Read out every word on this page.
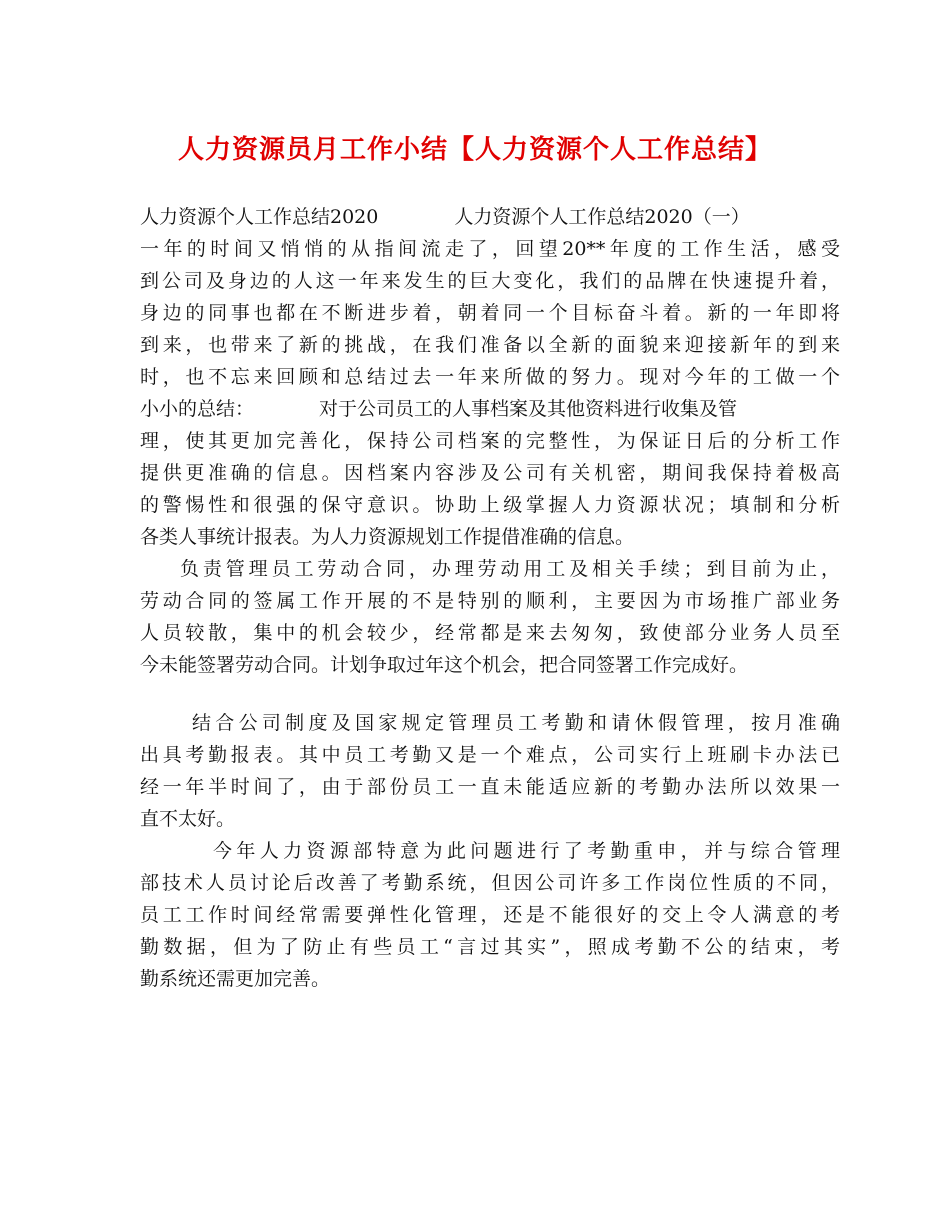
人力资源员月工作小结【人力资源个人工作总结】
人力资源个人工作总结2020	人力资源个人工作总结2020（一）
一年的时间又悄悄的从指间流走了，回望20**年度的工作生活，感受
到公司及身边的人这一年来发生的巨大变化，我们的品牌在快速提升着，
身边的同事也都在不断进步着，朝着同一个目标奋斗着。新的一年即将
到来，也带来了新的挑战，在我们准备以全新的面貌来迎接新年的到来
时，也不忘来回顾和总结过去一年来所做的努力。现对今年的工做一个
小小的总结：	对于公司员工的人事档案及其他资料进行收集及管
理，使其更加完善化，保持公司档案的完整性，为保证日后的分析工作
提供更准确的信息。因档案内容涉及公司有关机密，期间我保持着极高
的警惕性和很强的保守意识。协助上级掌握人力资源状况；填制和分析
各类人事统计报表。为人力资源规划工作提借准确的信息。
负责管理员工劳动合同，办理劳动用工及相关手续；到目前为止，
劳动合同的签属工作开展的不是特别的顺利，主要因为市场推广部业务
人员较散，集中的机会较少，经常都是来去匆匆，致使部分业务人员至
今未能签署劳动合同。计划争取过年这个机会，把合同签署工作完成好。
结合公司制度及国家规定管理员工考勤和请休假管理，按月准确
出具考勤报表。其中员工考勤又是一个难点，公司实行上班刷卡办法已
经一年半时间了，由于部份员工一直未能适应新的考勤办法所以效果一
直不太好。
今年人力资源部特意为此问题进行了考勤重申，并与综合管理
部技术人员讨论后改善了考勤系统，但因公司许多工作岗位性质的不同，
员工工作时间经常需要弹性化管理，还是不能很好的交上令人满意的考
勤数据，但为了防止有些员工“言过其实”，照成考勤不公的结束，考
勤系统还需更加完善。
